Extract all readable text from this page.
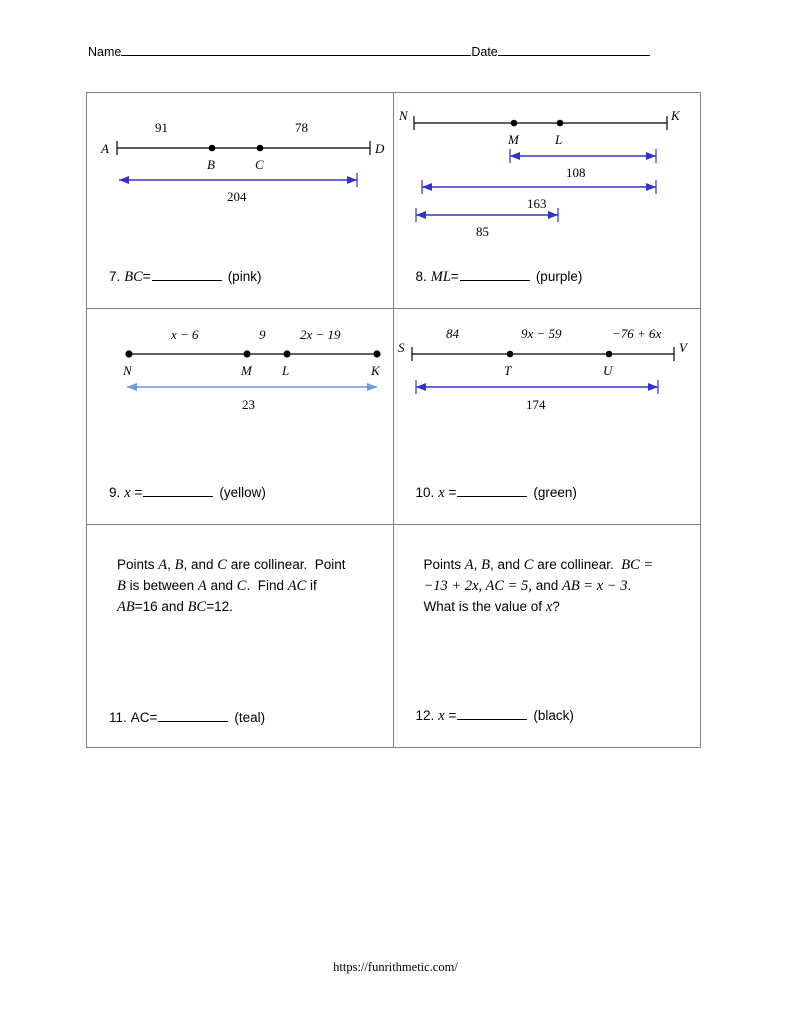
Name	Date
A
B	C
D
91	78
204
7. BC =	(pink)
N
M	L
K
108
163
85
8. ML =	(purple)
N	M L	K
x − 6	9	2x − 19
23
9. x =	(yellow)
S
T	U
V
84	9x − 59	−76 + 6x
174
10. x =	(green)
Points A, B, and C are collinear.  Point B is between A and C.  Find AC if AB=16 and BC=12.
11. AC =	(teal)
Points A, B, and C are collinear.  BC = −13 + 2x, AC = 5, and AB = x − 3.
What is the value of x?
12. x =	(black)
https://funrithmetic.com/
